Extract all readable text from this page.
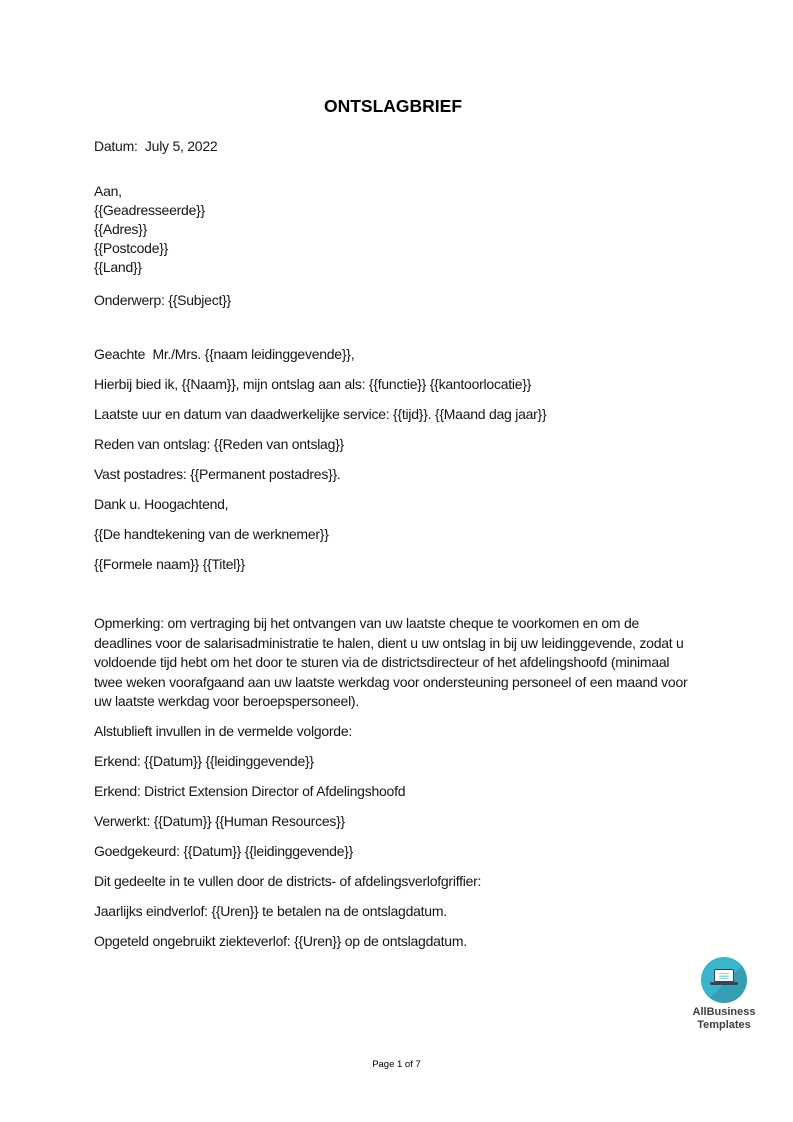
ONTSLAGBRIEF

Datum:  July 5, 2022

Aan,

{{Geadresseerde}}

{{Adres}}

{{Postcode}}

{{Land}}

Onderwerp: {{Subject}}

Geachte  Mr./Mrs. {{naam leidinggevende}},

Hierbij bied ik, {{Naam}}, mijn ontslag aan als: {{functie}} {{kantoorlocatie}}

Laatste uur en datum van daadwerkelijke service: {{tijd}}. {{Maand dag jaar}}

Reden van ontslag: {{Reden van ontslag}}

Vast postadres: {{Permanent postadres}}.

Dank u. Hoogachtend,

{{De handtekening van de werknemer}}

{{Formele naam}} {{Titel}}

Opmerking: om vertraging bij het ontvangen van uw laatste cheque te voorkomen en om de deadlines voor de salarisadministratie te halen, dient u uw ontslag in bij uw leidinggevende, zodat u voldoende tijd hebt om het door te sturen via de districtsdirecteur of het afdelingshoofd (minimaal twee weken voorafgaand aan uw laatste werkdag voor ondersteuning personeel of een maand voor uw laatste werkdag voor beroepspersoneel).

Alstublieft invullen in de vermelde volgorde:

Erkend: {{Datum}} {{leidinggevende}}

Erkend: District Extension Director of Afdelingshoofd

Verwerkt: {{Datum}} {{Human Resources}}

Goedgekeurd: {{Datum}} {{leidinggevende}}

Dit gedeelte in te vullen door de districts- of afdelingsverlofgriffier:

Jaarlijks eindverlof: {{Uren}} te betalen na de ontslagdatum.

Opgeteld ongebruikt ziekteverlof: {{Uren}} op de ontslagdatum.

AllBusiness
Templates
Page 1 of 7
